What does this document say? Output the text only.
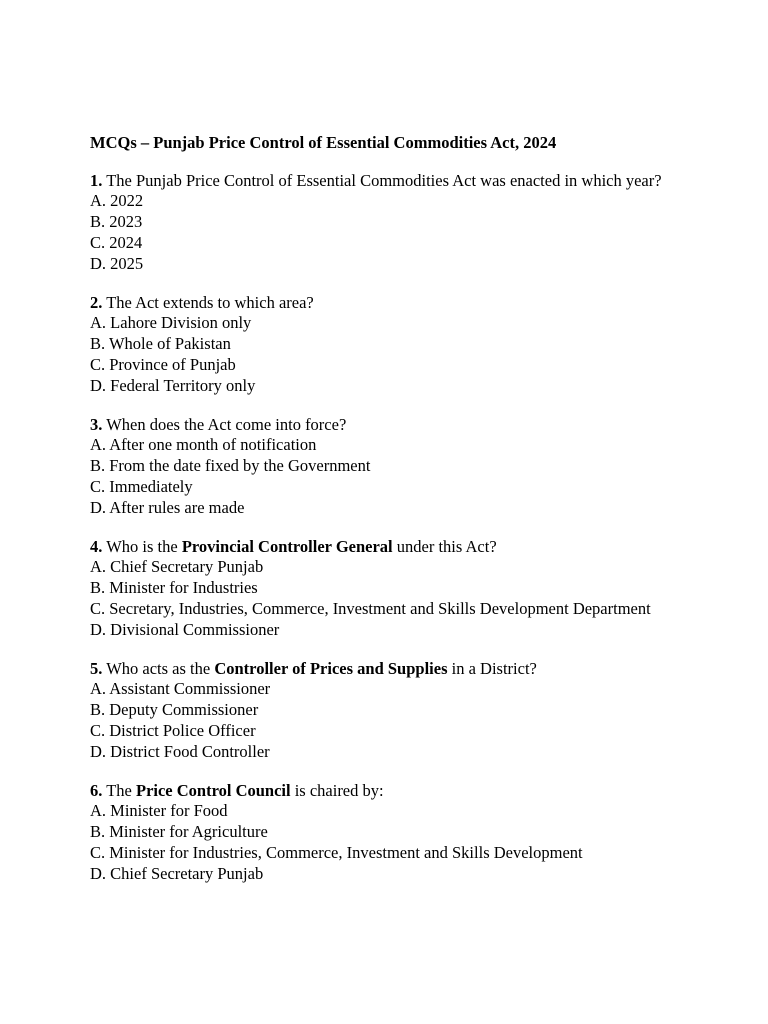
MCQs – Punjab Price Control of Essential Commodities Act, 2024

1. The Punjab Price Control of Essential Commodities Act was enacted in which year?

A. 2022

B. 2023

C. 2024

D. 2025

2. The Act extends to which area?

A. Lahore Division only

B. Whole of Pakistan

C. Province of Punjab

D. Federal Territory only

3. When does the Act come into force?

A. After one month of notification

B. From the date fixed by the Government

C. Immediately

D. After rules are made

4. Who is the Provincial Controller General under this Act?

A. Chief Secretary Punjab

B. Minister for Industries

C. Secretary, Industries, Commerce, Investment and Skills Development Department

D. Divisional Commissioner

5. Who acts as the Controller of Prices and Supplies in a District?

A. Assistant Commissioner

B. Deputy Commissioner

C. District Police Officer

D. District Food Controller

6. The Price Control Council is chaired by:

A. Minister for Food

B. Minister for Agriculture

C. Minister for Industries, Commerce, Investment and Skills Development

D. Chief Secretary Punjab
